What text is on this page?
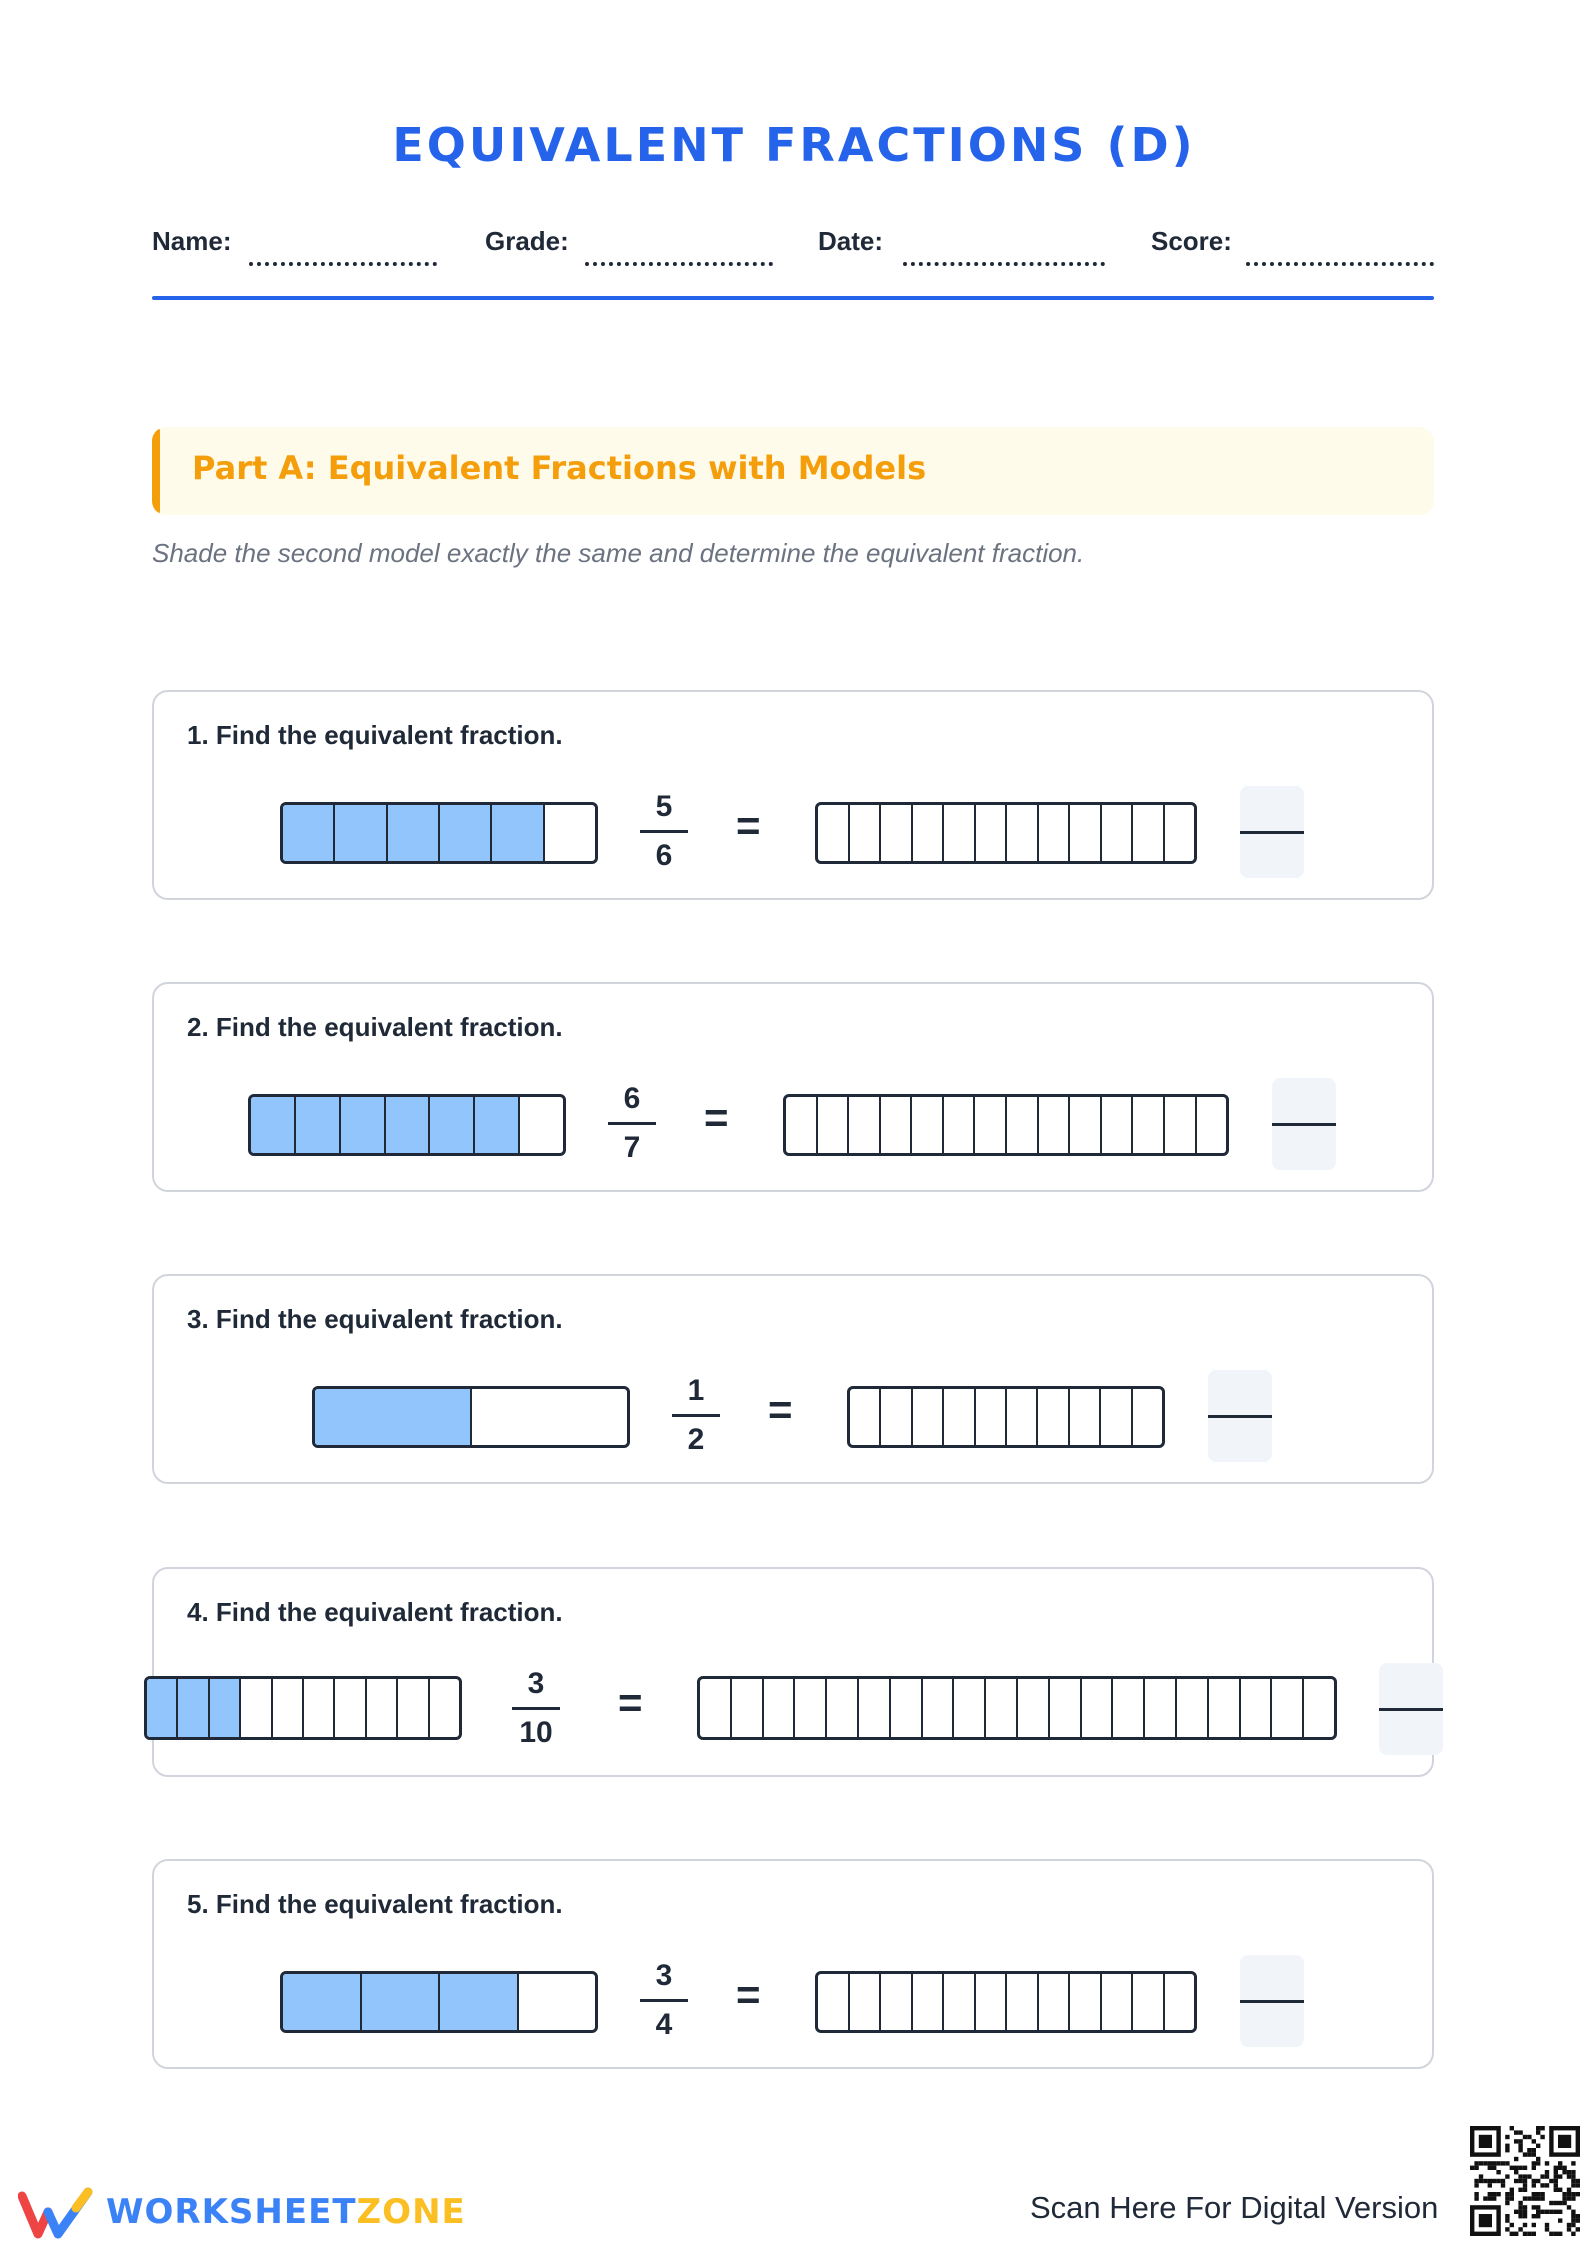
EQUIVALENT FRACTIONS (D)
Name:	Grade:	Date:	Score:
Part A: Equivalent Fractions with Models
Shade the second model exactly the same and determine the equivalent fraction.
1. Find the equivalent fraction.
5
6
=
2. Find the equivalent fraction.
6
7
=
3. Find the equivalent fraction.
1
2
=
4. Find the equivalent fraction.
3
10
=
5. Find the equivalent fraction.
3
4
=
WORKSHEETZONE	Scan Here For Digital Version
